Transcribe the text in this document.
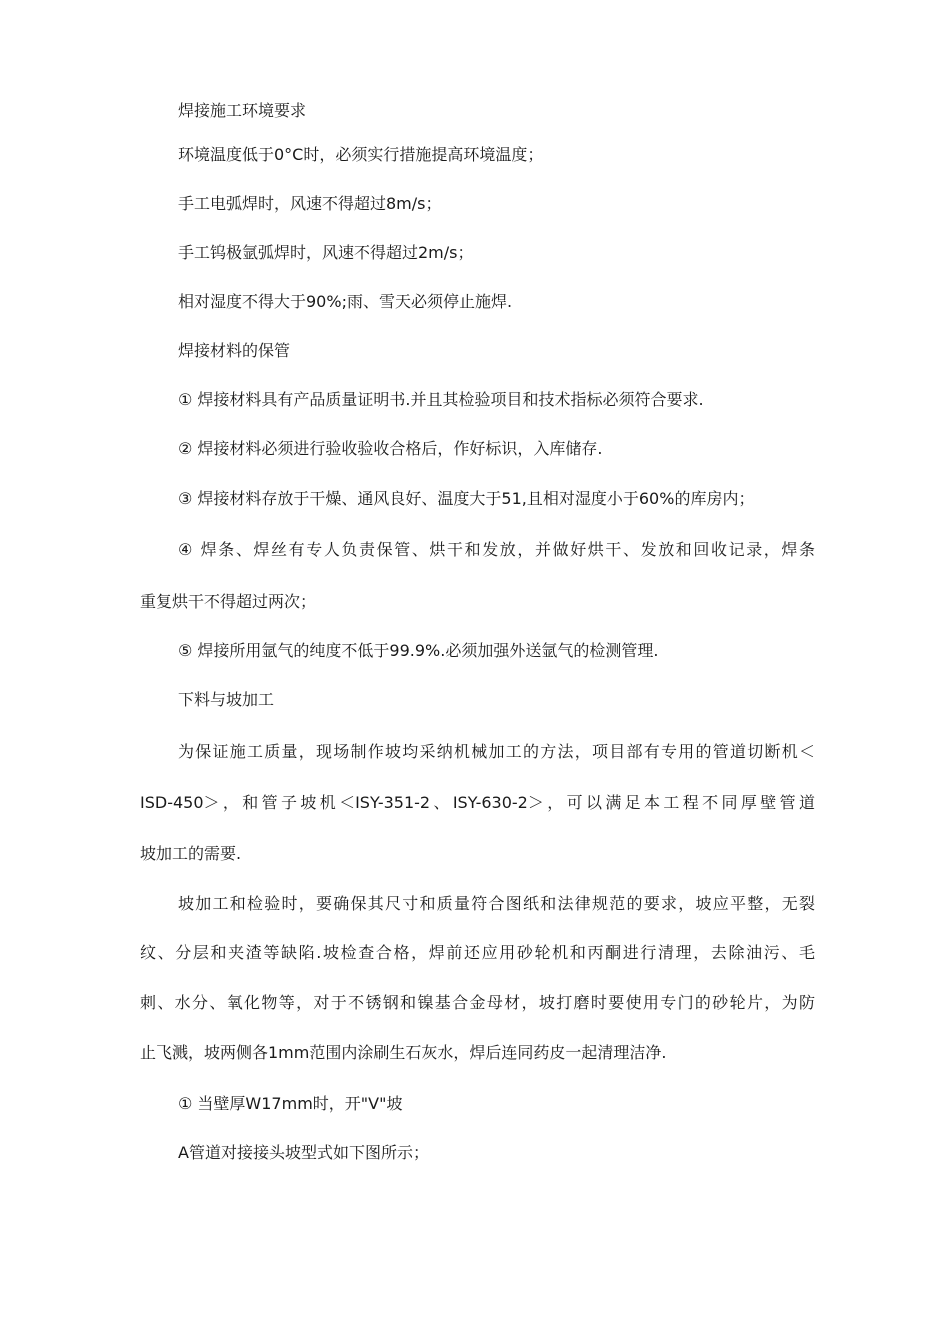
焊接施工环境要求

环境温度低于0°C时，必须实行措施提高环境温度；

手工电弧焊时，风速不得超过8m/s；

手工钨极氩弧焊时，风速不得超过2m/s；

相对湿度不得大于90%;雨、雪天必须停止施焊.

焊接材料的保管

① 焊接材料具有产品质量证明书.并且其检验项目和技术指标必须符合要求.

② 焊接材料必须进行验收验收合格后，作好标识，入库储存.

③ 焊接材料存放于干燥、通风良好、温度大于51,且相对湿度小于60%的库房内；

④ 焊条、焊丝有专人负责保管、烘干和发放，并做好烘干、发放和回收记录，焊条

重复烘干不得超过两次；

⑤ 焊接所用氩气的纯度不低于99.9%.必须加强外送氩气的检测管理.

下料与坡加工

为保证施工质量，现场制作坡均采纳机械加工的方法，项目部有专用的管道切断机＜

ISD-450＞，和管子坡机＜ISY-351-2、ISY-630-2＞，可以满足本工程不同厚壁管道

坡加工的需要.

坡加工和检验时，要确保其尺寸和质量符合图纸和法律规范的要求，坡应平整，无裂

纹、分层和夹渣等缺陷.坡检查合格，焊前还应用砂轮机和丙酮进行清理，去除油污、毛

刺、水分、氧化物等，对于不锈钢和镍基合金母材，坡打磨时要使用专门的砂轮片，为防

止飞溅，坡两侧各1mm范围内涂刷生石灰水，焊后连同药皮一起清理洁净.

① 当壁厚W17mm时，开"V"坡

A管道对接接头坡型式如下图所示；
